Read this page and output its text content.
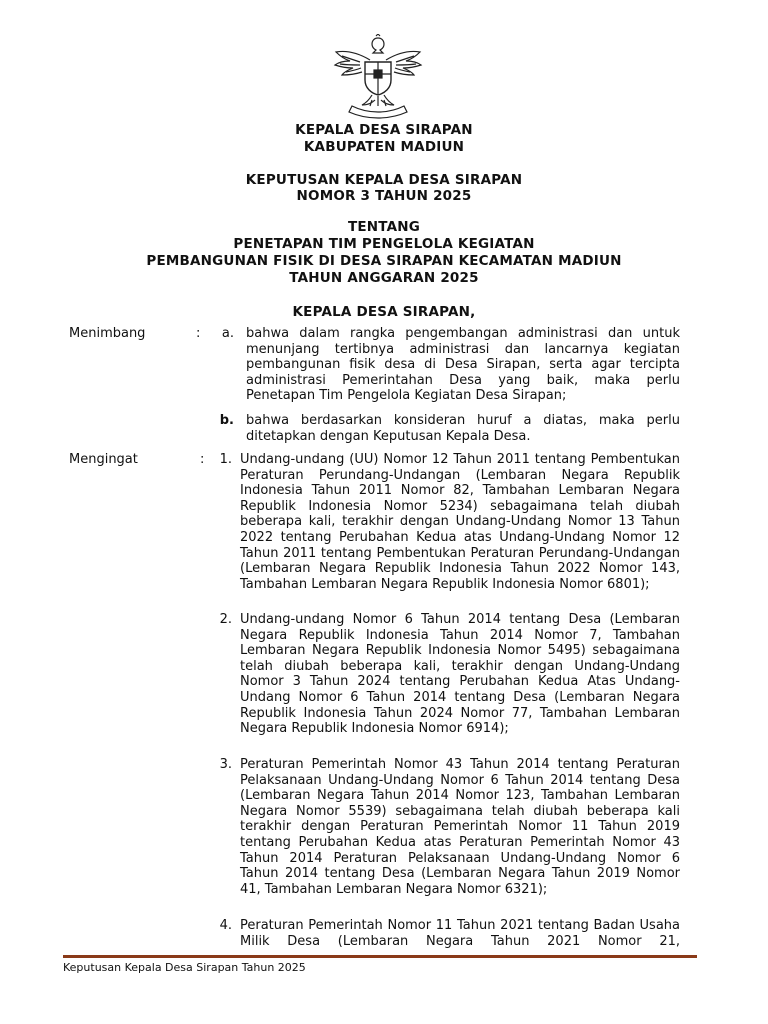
KEPALA DESA SIRAPAN
KABUPATEN MADIUN
KEPUTUSAN KEPALA DESA SIRAPAN
NOMOR 3 TAHUN 2025
TENTANG
PENETAPAN TIM PENGELOLA KEGIATAN
PEMBANGUNAN FISIK DI DESA SIRAPAN KECAMATAN MADIUN
TAHUN ANGGARAN 2025
KEPALA DESA SIRAPAN,
Menimbang	:	a. bahwa dalam rangka pengembangan administrasi dan untuk menunjang tertibnya administrasi dan lancarnya kegiatan pembangunan fisik desa di Desa Sirapan, serta agar tercipta administrasi Pemerintahan Desa yang baik, maka perlu Penetapan Tim Pengelola Kegiatan Desa Sirapan;

b. bahwa berdasarkan konsideran huruf a diatas, maka perlu ditetapkan dengan Keputusan Kepala Desa.

Mengingat	:	1. Undang-undang (UU) Nomor 12 Tahun 2011 tentang Pembentukan Peraturan Perundang-Undangan (Lembaran Negara Republik Indonesia Tahun 2011 Nomor 82, Tambahan Lembaran Negara Republik Indonesia Nomor 5234) sebagaimana telah diubah beberapa kali, terakhir dengan Undang-Undang Nomor 13 Tahun 2022 tentang Perubahan Kedua atas Undang-Undang Nomor 12 Tahun 2011 tentang Pembentukan Peraturan Perundang-Undangan (Lembaran Negara Republik Indonesia Tahun 2022 Nomor 143, Tambahan Lembaran Negara Republik Indonesia Nomor 6801);

2. Undang-undang Nomor 6 Tahun 2014 tentang Desa (Lembaran Negara Republik Indonesia Tahun 2014 Nomor 7, Tambahan Lembaran Negara Republik Indonesia Nomor 5495) sebagaimana telah diubah beberapa kali, terakhir dengan Undang-Undang Nomor 3 Tahun 2024 tentang Perubahan Kedua Atas Undang-Undang Nomor 6 Tahun 2014 tentang Desa (Lembaran Negara Republik Indonesia Tahun 2024 Nomor 77, Tambahan Lembaran Negara Republik Indonesia Nomor 6914);

3. Peraturan Pemerintah Nomor 43 Tahun 2014 tentang Peraturan Pelaksanaan Undang-Undang Nomor 6 Tahun 2014 tentang Desa (Lembaran Negara Tahun 2014 Nomor 123, Tambahan Lembaran Negara Nomor 5539) sebagaimana telah diubah beberapa kali terakhir dengan Peraturan Pemerintah Nomor 11 Tahun 2019 tentang Perubahan Kedua atas Peraturan Pemerintah Nomor 43 Tahun 2014 Peraturan Pelaksanaan Undang-Undang Nomor 6 Tahun 2014 tentang Desa (Lembaran Negara Tahun 2019 Nomor 41, Tambahan Lembaran Negara Nomor 6321);

4. Peraturan Pemerintah Nomor 11 Tahun 2021 tentang Badan Usaha Milik Desa (Lembaran Negara Tahun 2021 Nomor 21,

Keputusan Kepala Desa Sirapan Tahun 2025
